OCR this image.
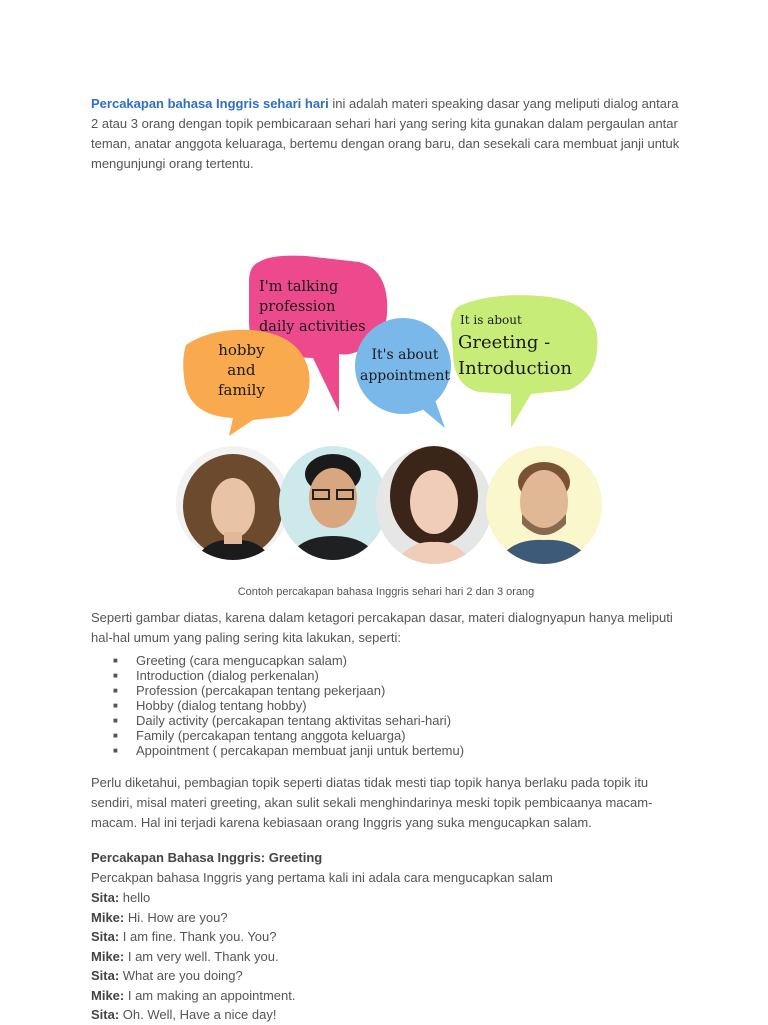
Percakapan bahasa Inggris sehari hari ini adalah materi speaking dasar yang meliputi dialog antara 2 atau 3 orang dengan topik pembicaraan sehari hari yang sering kita gunakan dalam pergaulan antar teman, anatar anggota keluaraga, bertemu dengan orang baru, dan sesekali cara membuat janji untuk mengunjungi orang tertentu.

I'm talking
profession
daily activities
hobby
and
family
It's about
appointment
It is about
Greeting -
Introduction
Contoh percakapan bahasa Inggris sehari hari 2 dan 3 orang

Seperti gambar diatas, karena dalam ketagori percakapan dasar, materi dialognyapun hanya meliputi hal-hal umum yang paling sering kita lakukan, seperti:

■ Greeting (cara mengucapkan salam)
■ Introduction (dialog perkenalan)
■ Profession (percakapan tentang pekerjaan)
■ Hobby (dialog tentang hobby)
■ Daily activity (percakapan tentang aktivitas sehari-hari)
■ Family (percakapan tentang anggota keluarga)
■ Appointment ( percakapan membuat janji untuk bertemu)

Perlu diketahui, pembagian topik seperti diatas tidak mesti tiap topik hanya berlaku pada topik itu sendiri, misal materi greeting, akan sulit sekali menghindarinya meski topik pembicaanya macam-macam. Hal ini terjadi karena kebiasaan orang Inggris yang suka mengucapkan salam.

Percakapan Bahasa Inggris: Greeting

Percakpan bahasa Inggris yang pertama kali ini adala cara mengucapkan salam

Sita: hello

Mike: Hi. How are you?

Sita: I am fine. Thank you. You?

Mike: I am very well. Thank you.

Sita: What are you doing?

Mike: I am making an appointment.

Sita: Oh. Well, Have a nice day!
